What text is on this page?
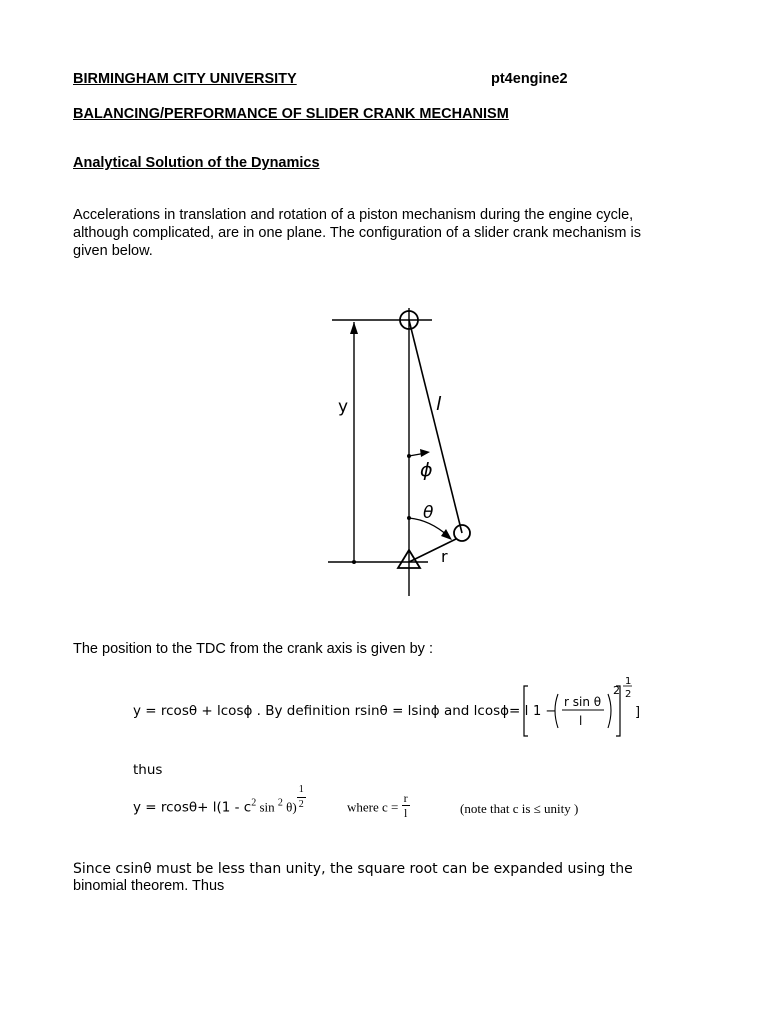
BIRMINGHAM CITY UNIVERSITY	pt4engine2
BALANCING/PERFORMANCE OF SLIDER CRANK MECHANISM
Analytical Solution of the Dynamics
Accelerations in translation and rotation of a piston mechanism during the engine cycle, although complicated, are in one plane. The configuration of a slider crank mechanism is given below.
y	l
ϕ
θ
r
The position to the TDC from the crank axis is given by :
y = rcosθ + lcosϕ . By definition rsinθ = lsinϕ and lcosϕ= l 1 −
r sin θ
l
2
1
2
]
thus
$y = rcos\theta+ l(1 - c^2$ sin $^2$ $\theta) \frac{1}{2}$	where $c = \frac{r}{l}$	(note that c is ≤ unity )
Since csinθ must be less than unity, the square root can be expanded using the
binomial theorem. Thus
